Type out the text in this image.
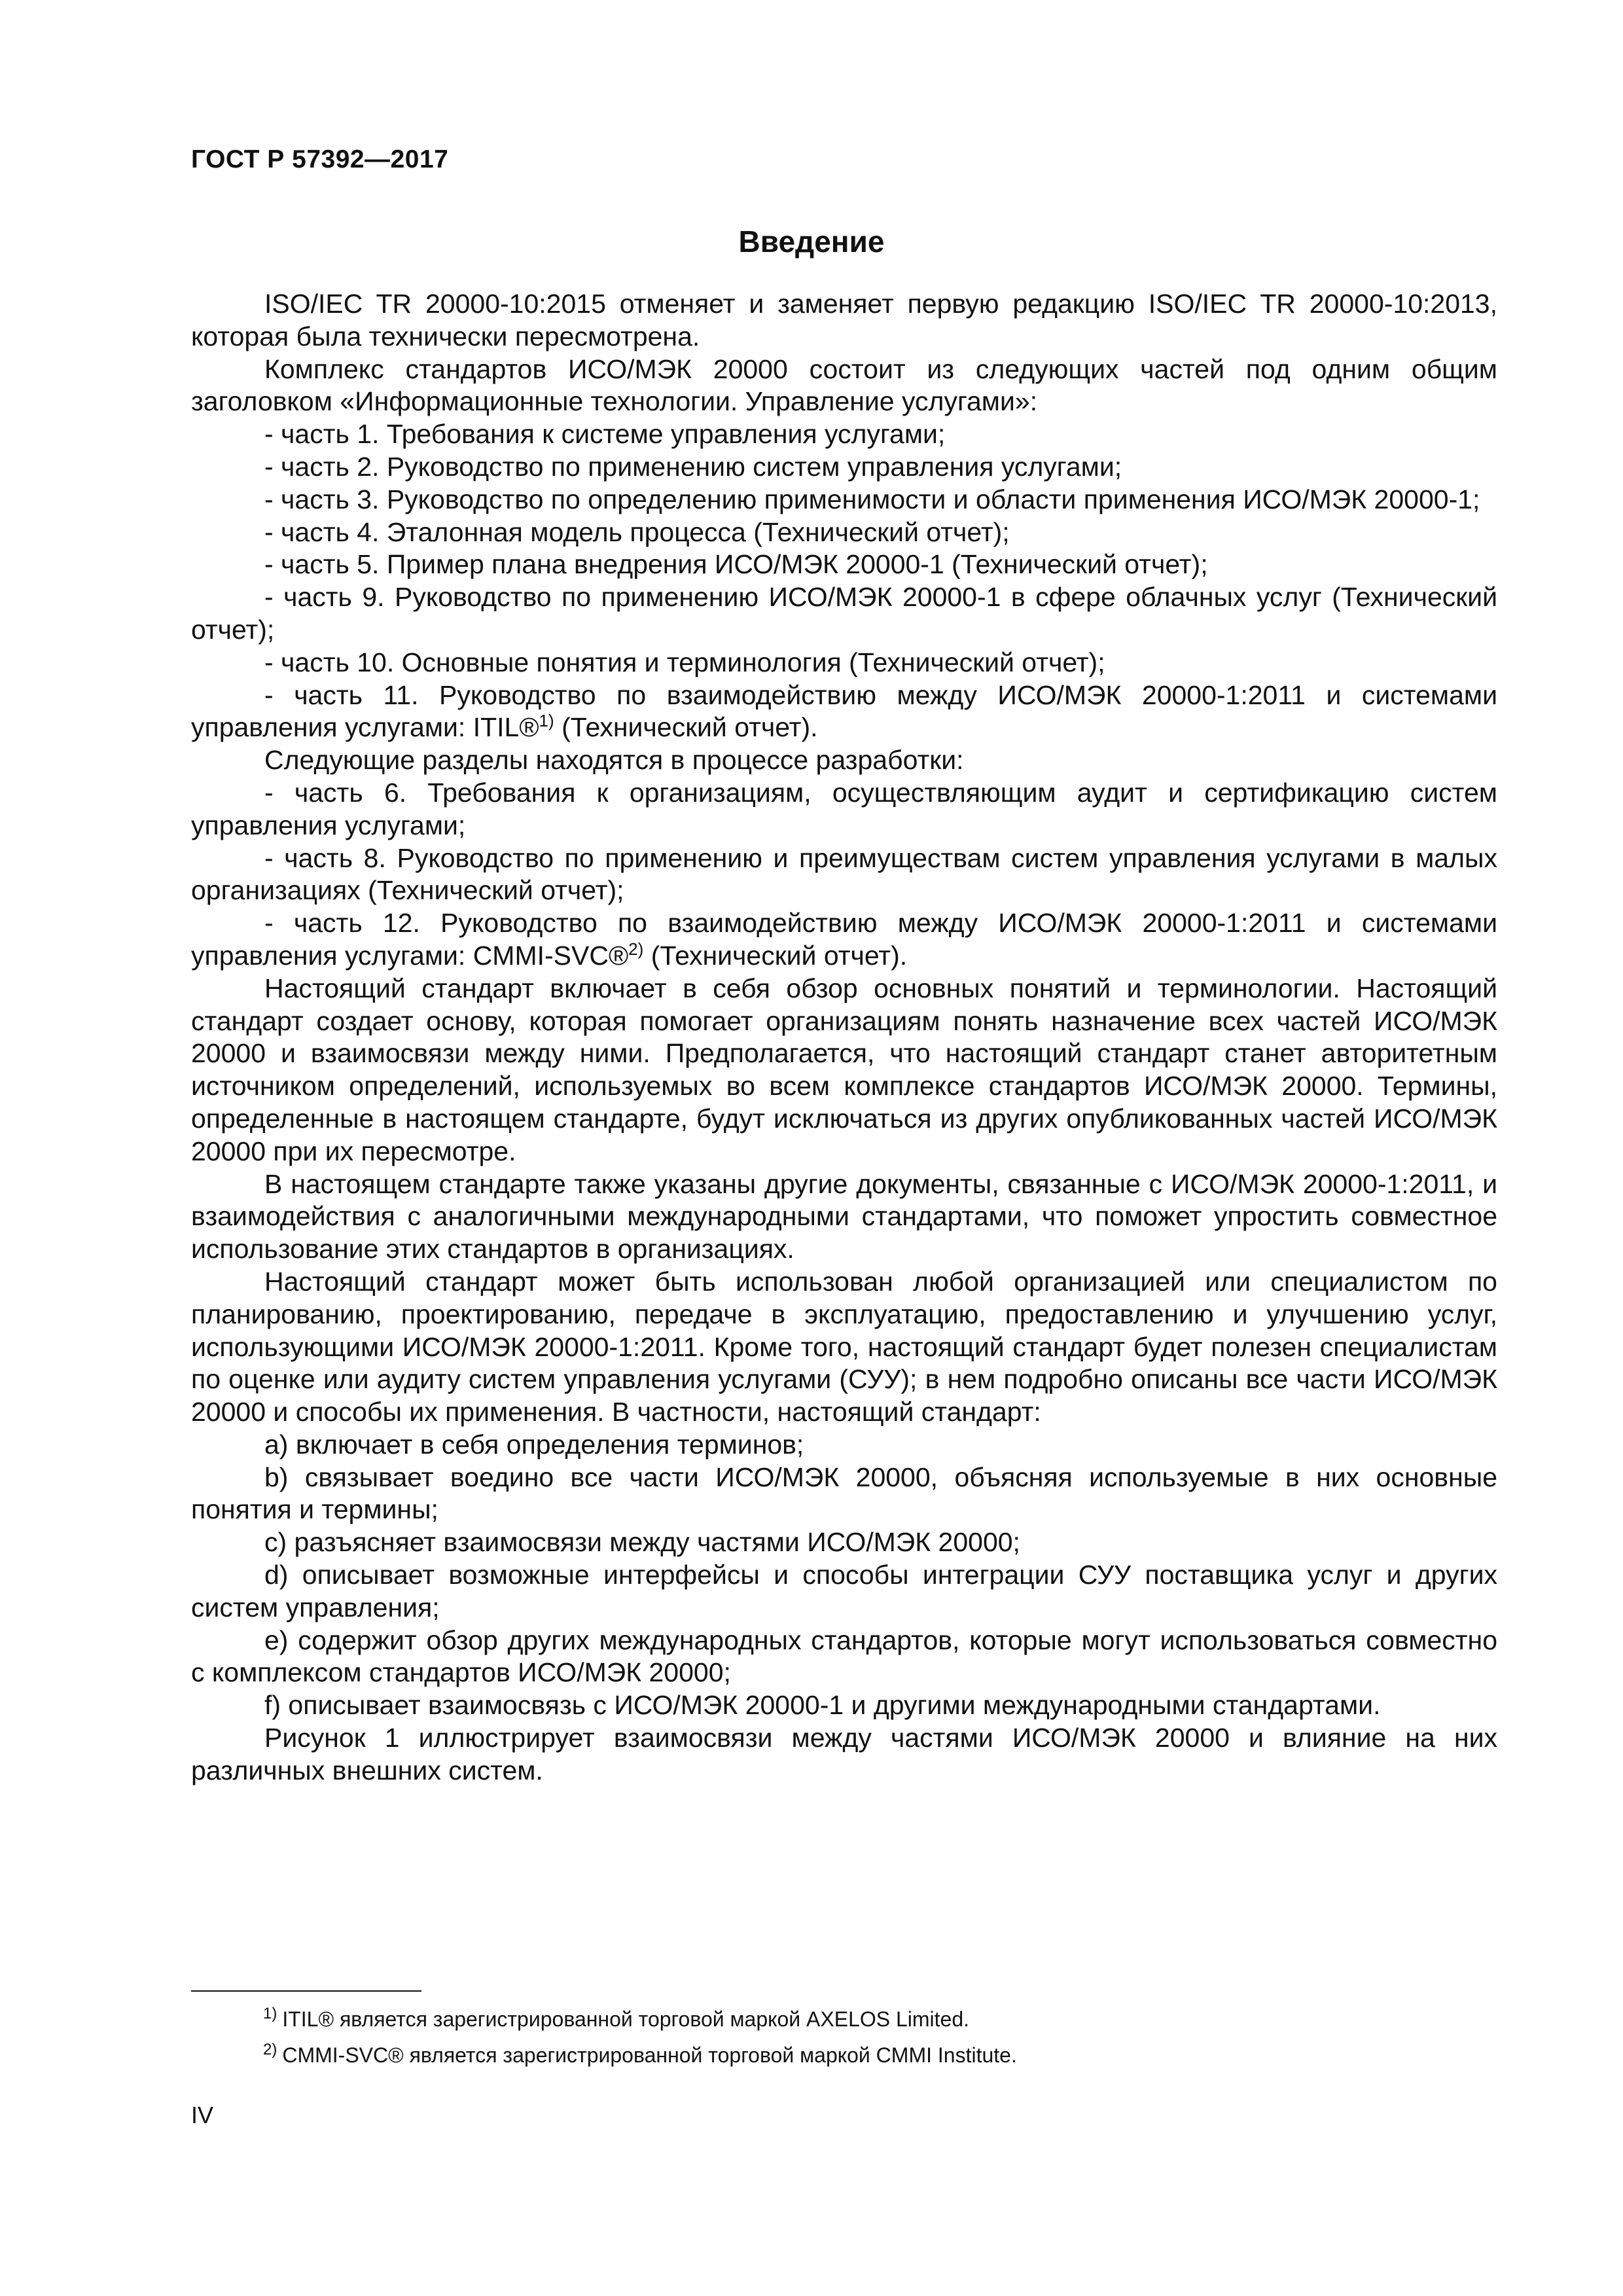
ГОСТ Р 57392—2017
Введение

ISO/IEC TR 20000-10:2015 отменяет и заменяет первую редакцию ISO/IEC TR 20000-10:2013, которая была технически пересмотрена.

Комплекс стандартов ИСО/МЭК 20000 состоит из следующих частей под одним общим заголовком «Информационные технологии. Управление услугами»:

- часть 1. Требования к системе управления услугами;

- часть 2. Руководство по применению систем управления услугами;

- часть 3. Руководство по определению применимости и области применения ИСО/МЭК 20000-1;

- часть 4. Эталонная модель процесса (Технический отчет);

- часть 5. Пример плана внедрения ИСО/МЭК 20000-1 (Технический отчет);

- часть 9. Руководство по применению ИСО/МЭК 20000-1 в сфере облачных услуг (Технический отчет);

- часть 10. Основные понятия и терминология (Технический отчет);

- часть 11. Руководство по взаимодействию между ИСО/МЭК 20000-1:2011 и системами управления услугами: ITIL®$^{1)}$ (Технический отчет).

Следующие разделы находятся в процессе разработки:

- часть 6. Требования к организациям, осуществляющим аудит и сертификацию систем управления услугами;

- часть 8. Руководство по применению и преимуществам систем управления услугами в малых организациях (Технический отчет);

- часть 12. Руководство по взаимодействию между ИСО/МЭК 20000-1:2011 и системами управления услугами: CMMI-SVC®$^{2)}$ (Технический отчет).

Настоящий стандарт включает в себя обзор основных понятий и терминологии. Настоящий стандарт создает основу, которая помогает организациям понять назначение всех частей ИСО/МЭК 20000 и взаимосвязи между ними. Предполагается, что настоящий стандарт станет авторитетным источником определений, используемых во всем комплексе стандартов ИСО/МЭК 20000. Термины, определенные в настоящем стандарте, будут исключаться из других опубликованных частей ИСО/МЭК 20000 при их пересмотре.

В настоящем стандарте также указаны другие документы, связанные с ИСО/МЭК 20000-1:2011, и взаимодействия с аналогичными международными стандартами, что поможет упростить совместное использование этих стандартов в организациях.

Настоящий стандарт может быть использован любой организацией или специалистом по планированию, проектированию, передаче в эксплуатацию, предоставлению и улучшению услуг, использующими ИСО/МЭК 20000-1:2011. Кроме того, настоящий стандарт будет полезен специалистам по оценке или аудиту систем управления услугами (СУУ); в нем подробно описаны все части ИСО/МЭК 20000 и способы их применения. В частности, настоящий стандарт:

a) включает в себя определения терминов;

b) связывает воедино все части ИСО/МЭК 20000, объясняя используемые в них основные понятия и термины;

c) разъясняет взаимосвязи между частями ИСО/МЭК 20000;

d) описывает возможные интерфейсы и способы интеграции СУУ поставщика услуг и других систем управления;

e) содержит обзор других международных стандартов, которые могут использоваться совместно с комплексом стандартов ИСО/МЭК 20000;

f) описывает взаимосвязь с ИСО/МЭК 20000-1 и другими международными стандартами.

Рисунок 1 иллюстрирует взаимосвязи между частями ИСО/МЭК 20000 и влияние на них различных внешних систем.

$^{1)}$ ITIL® является зарегистрированной торговой маркой AXELOS Limited.

$^{2)}$ CMMI-SVC® является зарегистрированной торговой маркой CMMI Institute.

IV
